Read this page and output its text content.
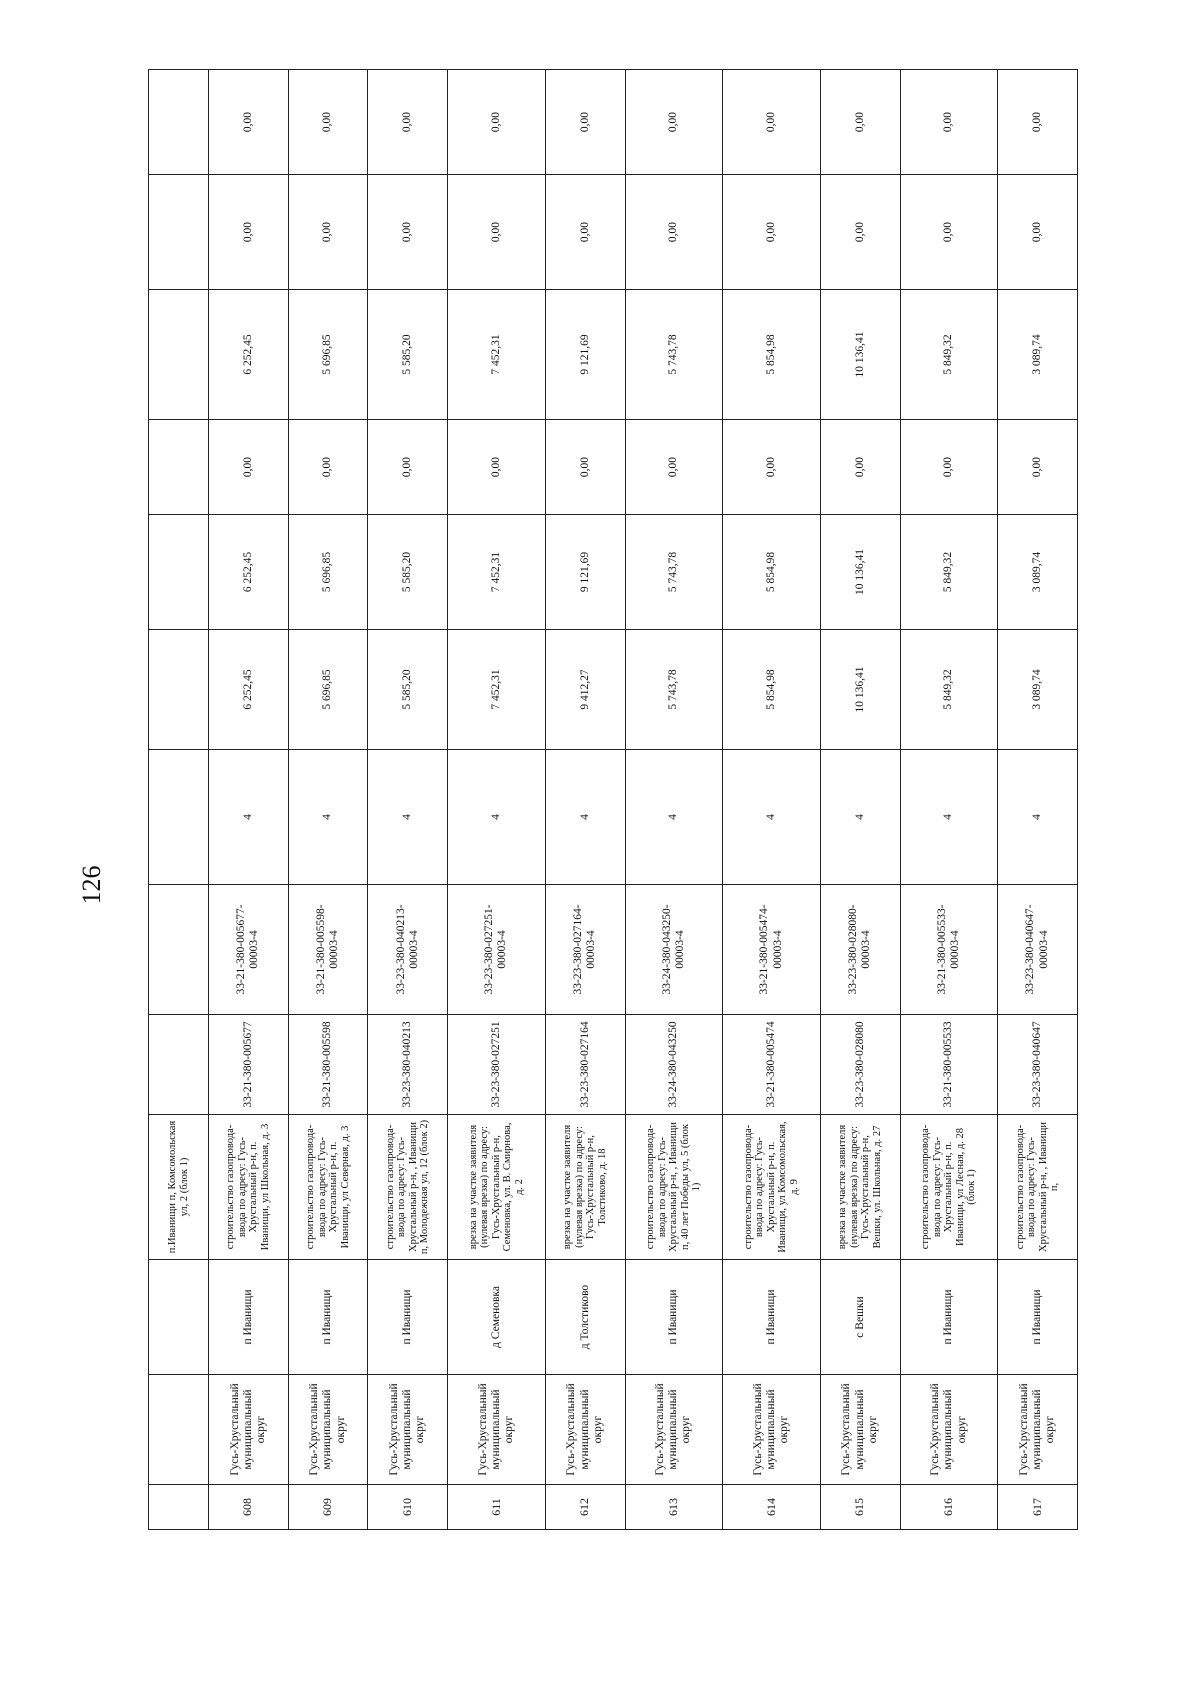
126
			п.Иванищи п, Комсомольская ул, 2 (блок 1)									
608	Гусь-Хрустальный муниципальный округ	п Иванищи	строительство газопровода-ввода по адресу: Гусь-Хрустальный р-н, п. Иванищи, ул Школьная, д. 3	33-21-380-005677	33-21-380-005677-00003-4	4	6 252,45	6 252,45	0,00	6 252,45	0,00	0,00
609	Гусь-Хрустальный муниципальный округ	п Иванищи	строительство газопровода-ввода по адресу: Гусь-Хрустальный р-н, п. Иванищи, ул Северная, д. 3	33-21-380-005598	33-21-380-005598-00003-4	4	5 696,85	5 696,85	0,00	5 696,85	0,00	0,00
610	Гусь-Хрустальный муниципальный округ	п Иванищи	строительство газопровода-ввода по адресу: Гусь-Хрустальный р-н, , Иванищи п, Молодежная ул, 12 (блок 2)	33-23-380-040213	33-23-380-040213-00003-4	4	5 585,20	5 585,20	0,00	5 585,20	0,00	0,00
611	Гусь-Хрустальный муниципальный округ	д Семеновка	врезка на участке заявителя (нулевая врезка) по адресу: Гусь-Хрустальный р-н, Семеновка, ул. В. Смирнова, д. 2	33-23-380-027251	33-23-380-027251-00003-4	4	7 452,31	7 452,31	0,00	7 452,31	0,00	0,00
612	Гусь-Хрустальный муниципальный округ	д Толстиково	врезка на участке заявителя (нулевая врезка) по адресу: Гусь-Хрустальный р-н, Толстиково, д. 18	33-23-380-027164	33-23-380-027164-00003-4	4	9 412,27	9 121,69	0,00	9 121,69	0,00	0,00
613	Гусь-Хрустальный муниципальный округ	п Иванищи	строительство газопровода-ввода по адресу: Гусь-Хрустальный р-н, , Иванищи п, 40 лет Победы ул, 5 (блок 1)	33-24-380-043250	33-24-380-043250-00003-4	4	5 743,78	5 743,78	0,00	5 743,78	0,00	0,00
614	Гусь-Хрустальный муниципальный округ	п Иванищи	строительство газопровода-ввода по адресу: Гусь-Хрустальный р-н, п. Иванищи, ул Комсомольская, д. 9	33-21-380-005474	33-21-380-005474-00003-4	4	5 854,98	5 854,98	0,00	5 854,98	0,00	0,00
615	Гусь-Хрустальный муниципальный округ	с Вешки	врезка на участке заявителя (нулевая врезка) по адресу: Гусь-Хрустальный р-н, Вешки, ул. Школьная, д. 27	33-23-380-028080	33-23-380-028080-00003-4	4	10 136,41	10 136,41	0,00	10 136,41	0,00	0,00
616	Гусь-Хрустальный муниципальный округ	п Иванищи	строительство газопровода-ввода по адресу: Гусь-Хрустальный р-н, п. Иванищи, ул Лесная, д. 28 (блок 1)	33-21-380-005533	33-21-380-005533-00003-4	4	5 849,32	5 849,32	0,00	5 849,32	0,00	0,00
617	Гусь-Хрустальный муниципальный округ	п Иванищи	строительство газопровода-ввода по адресу: Гусь-Хрустальный р-н, , Иванищи п,	33-23-380-040647	33-23-380-040647-00003-4	4	3 089,74	3 089,74	0,00	3 089,74	0,00	0,00
